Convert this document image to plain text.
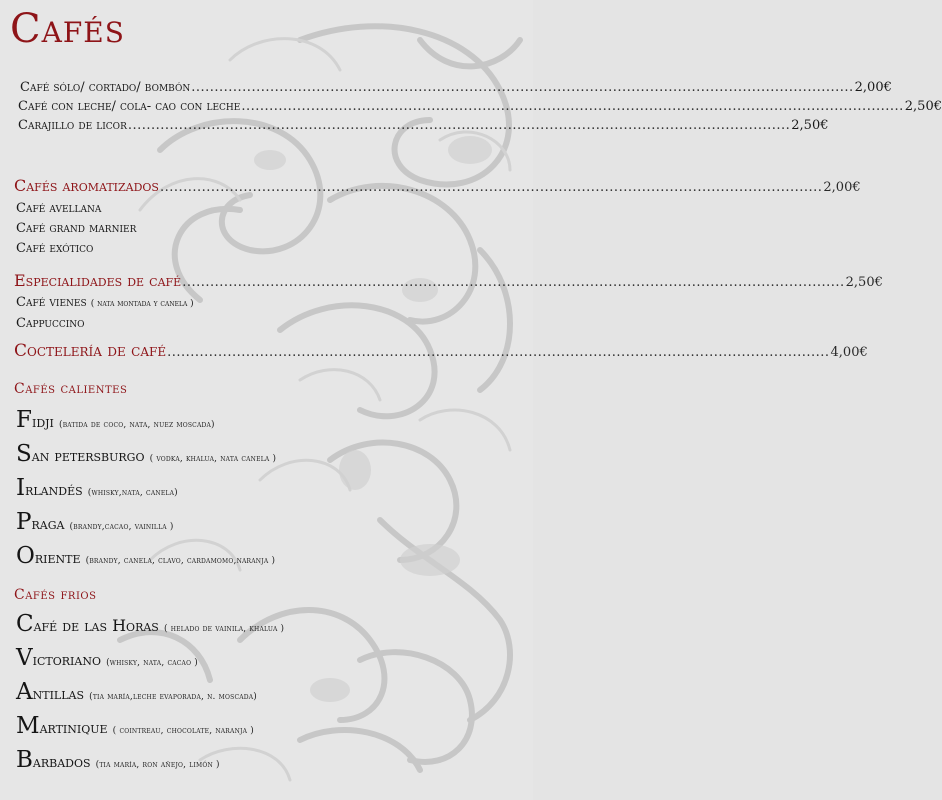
Cafés
Café sólo/ cortado/ bombón ............................................................................................................................................... 2,00€
Café con leche/ cola- cao con leche ............................................................................................................................................... 2,50€
Carajillo de licor ............................................................................................................................................... 2,50€
Cafés aromatizados ............................................................................................................................................... 2,00€
Café avellana
Café grand marnier
Café exótico
Especialidades de café ............................................................................................................................................... 2,50€
Café vienes ( nata montada y canela )
Cappuccino
Coctelería de café ............................................................................................................................................... 4,00€
Cafés calientes
Fidji (batida de coco, nata, nuez moscada)
San petersburgo ( vodka, khalua, nata canela )
Irlandés (whisky,nata, canela)
Praga (brandy,cacao, vainilla )
Oriente (brandy, canela, clavo, cardamomo,naranja )
Cafés frios
Café de las Horas ( helado de vainila, khalua )
Victoriano (whisky, nata, cacao )
Antillas (tia maría,leche evaporada, n. moscada)
Martinique ( cointreau, chocolate, naranja )
Barbados (tia maría, ron añejo, limón )
